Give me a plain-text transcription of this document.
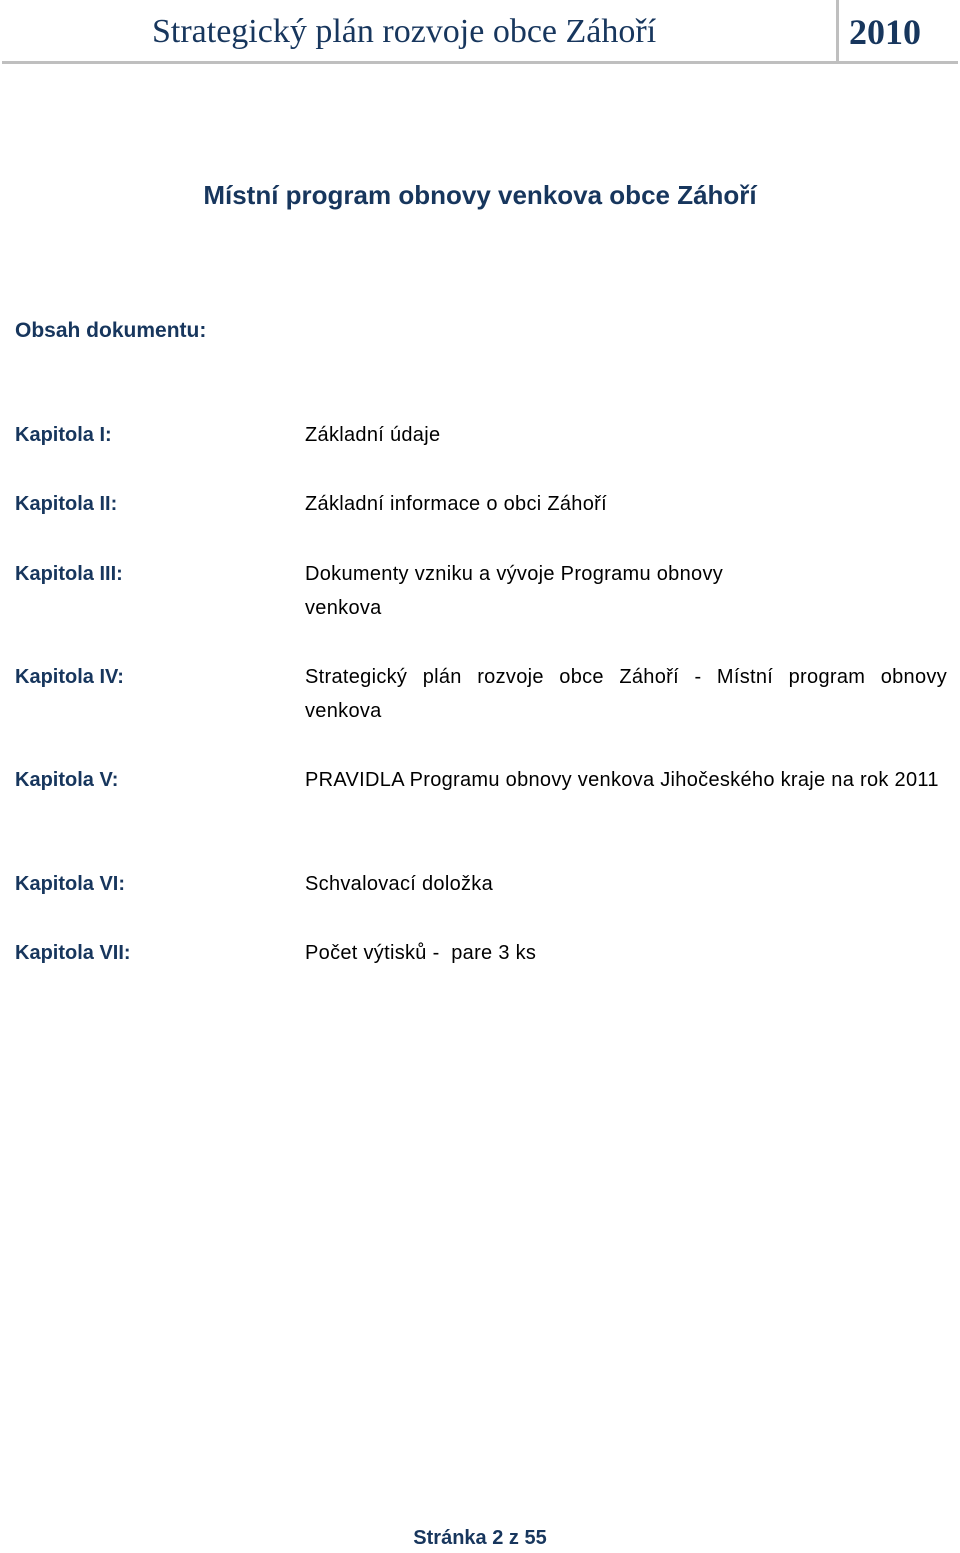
Strategický plán rozvoje obce Záhoří	2010
Místní program obnovy venkova obce Záhoří
Obsah dokumentu:
Kapitola I:	Základní údaje
Kapitola II:	Základní informace o obci Záhoří
Kapitola III:	Dokumenty vzniku a vývoje Programu obnovy venkova
Kapitola IV:	Strategický plán rozvoje obce Záhoří - Místní program obnovy venkova
Kapitola V:	PRAVIDLA Programu obnovy venkova Jihočeského kraje na rok 2011
Kapitola VI:	Schvalovací doložka
Kapitola VII:	Počet výtisků -  pare 3 ks
Stránka 2 z 55
